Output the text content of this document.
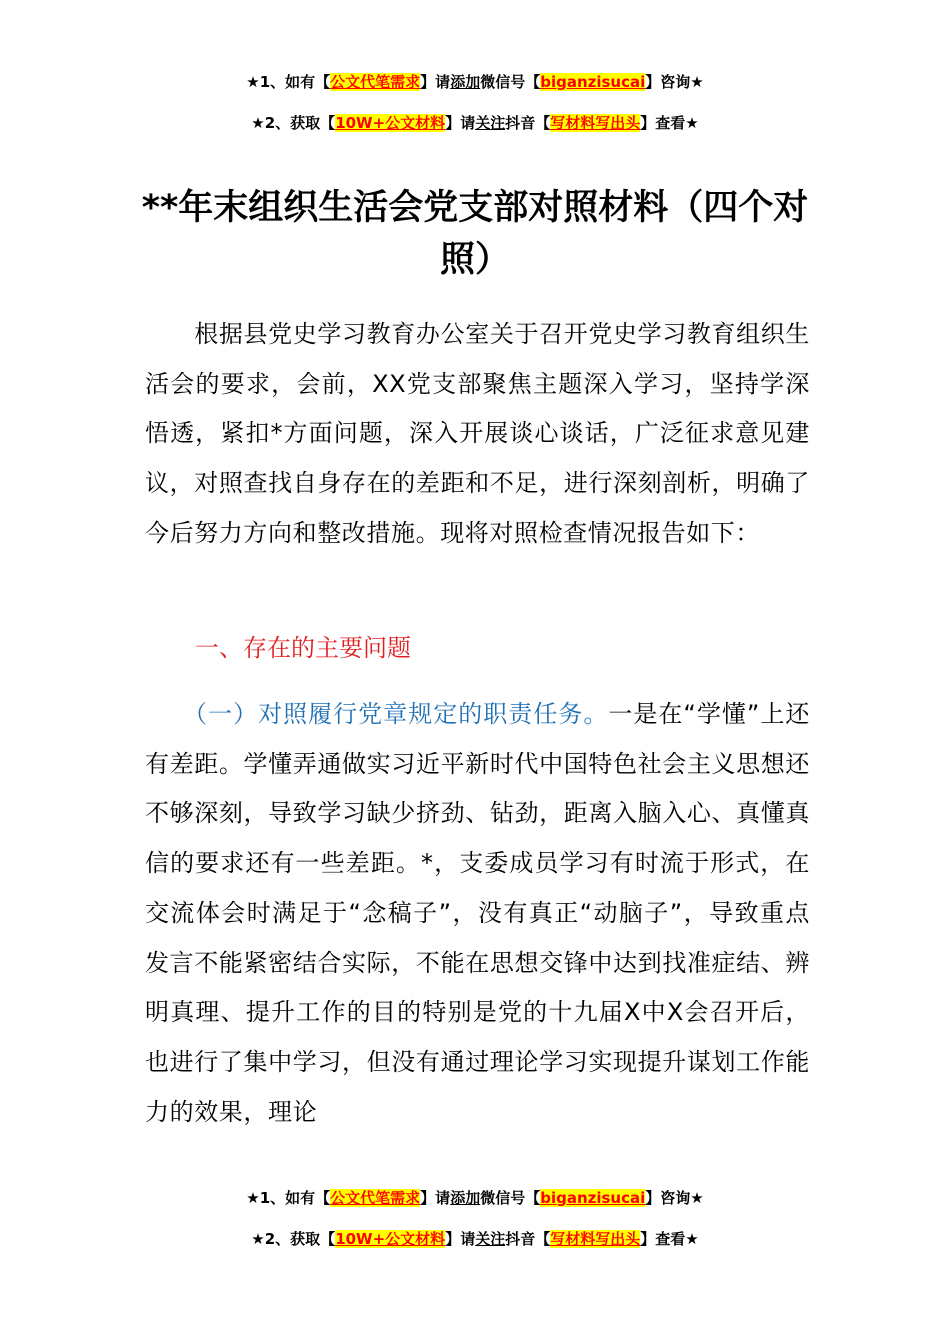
★1、如有【公文代笔需求】请添加微信号【biganzisucai】咨询★
★2、获取【10W+公文材料】请关注抖音【写材料写出头】查看★
**年末组织生活会党支部对照材料（四个对照）
　　根据县党史学习教育办公室关于召开党史学习教育组织生活会的要求，会前，XX党支部聚焦主题深入学习，坚持学深悟透，紧扣*方面问题，深入开展谈心谈话，广泛征求意见建议，对照查找自身存在的差距和不足，进行深刻剖析，明确了今后努力方向和整改措施。现将对照检查情况报告如下：
一、存在的主要问题
　　（一）对照履行党章规定的职责任务。一是在“学懂”上还有差距。学懂弄通做实习近平新时代中国特色社会主义思想还不够深刻，导致学习缺少挤劲、钻劲，距离入脑入心、真懂真信的要求还有一些差距。*，支委成员学习有时流于形式，在交流体会时满足于“念稿子”，没有真正“动脑子”，导致重点发言不能紧密结合实际，不能在思想交锋中达到找准症结、辨明真理、提升工作的目的特别是党的十九届X中X会召开后，也进行了集中学习，但没有通过理论学习实现提升谋划工作能力的效果，理论
★1、如有【公文代笔需求】请添加微信号【biganzisucai】咨询★
★2、获取【10W+公文材料】请关注抖音【写材料写出头】查看★
